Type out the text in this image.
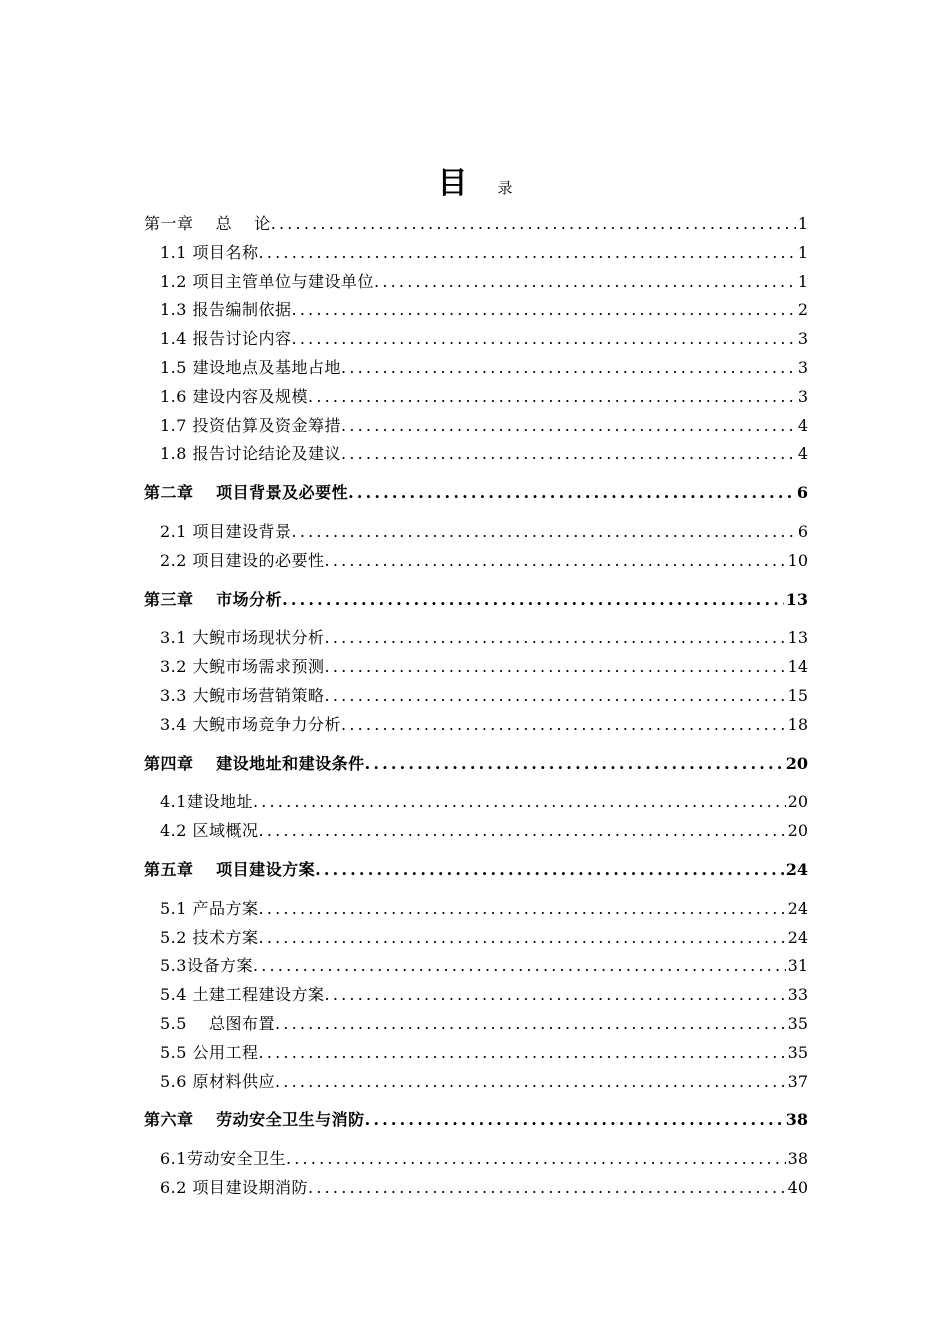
目 录
第一章　 总　 论 .....	1
1.1 项目名称 .....	1
1.2 项目主管单位与建设单位 .....	1
1.3 报告编制依据 .....	2
1.4 报告讨论内容 .....	3
1.5 建设地点及基地占地 .....	3
1.6 建设内容及规模 .....	3
1.7 投资估算及资金筹措 .....	4
1.8 报告讨论结论及建议 .....	4
第二章　 项目背景及必要性 .....	6
2.1 项目建设背景 .....	6
2.2 项目建设的必要性 .....	10
第三章　 市场分析 .....	13
3.1 大鲵市场现状分析 .....	13
3.2 大鲵市场需求预测 .....	14
3.3 大鲵市场营销策略 .....	15
3.4 大鲵市场竞争力分析 .....	18
第四章　 建设地址和建设条件 .....	20
4.1建设地址 .....	20
4.2 区域概况 .....	20
第五章　 项目建设方案 .....	24
5.1 产品方案 .....	24
5.2 技术方案 .....	24
5.3设备方案 .....	31
5.4 土建工程建设方案 .....	33
5.5　 总图布置 .....	35
5.5 公用工程 .....	35
5.6 原材料供应 .....	37
第六章　 劳动安全卫生与消防 .....	38
6.1劳动安全卫生 .....	38
6.2 项目建设期消防 .....	40
